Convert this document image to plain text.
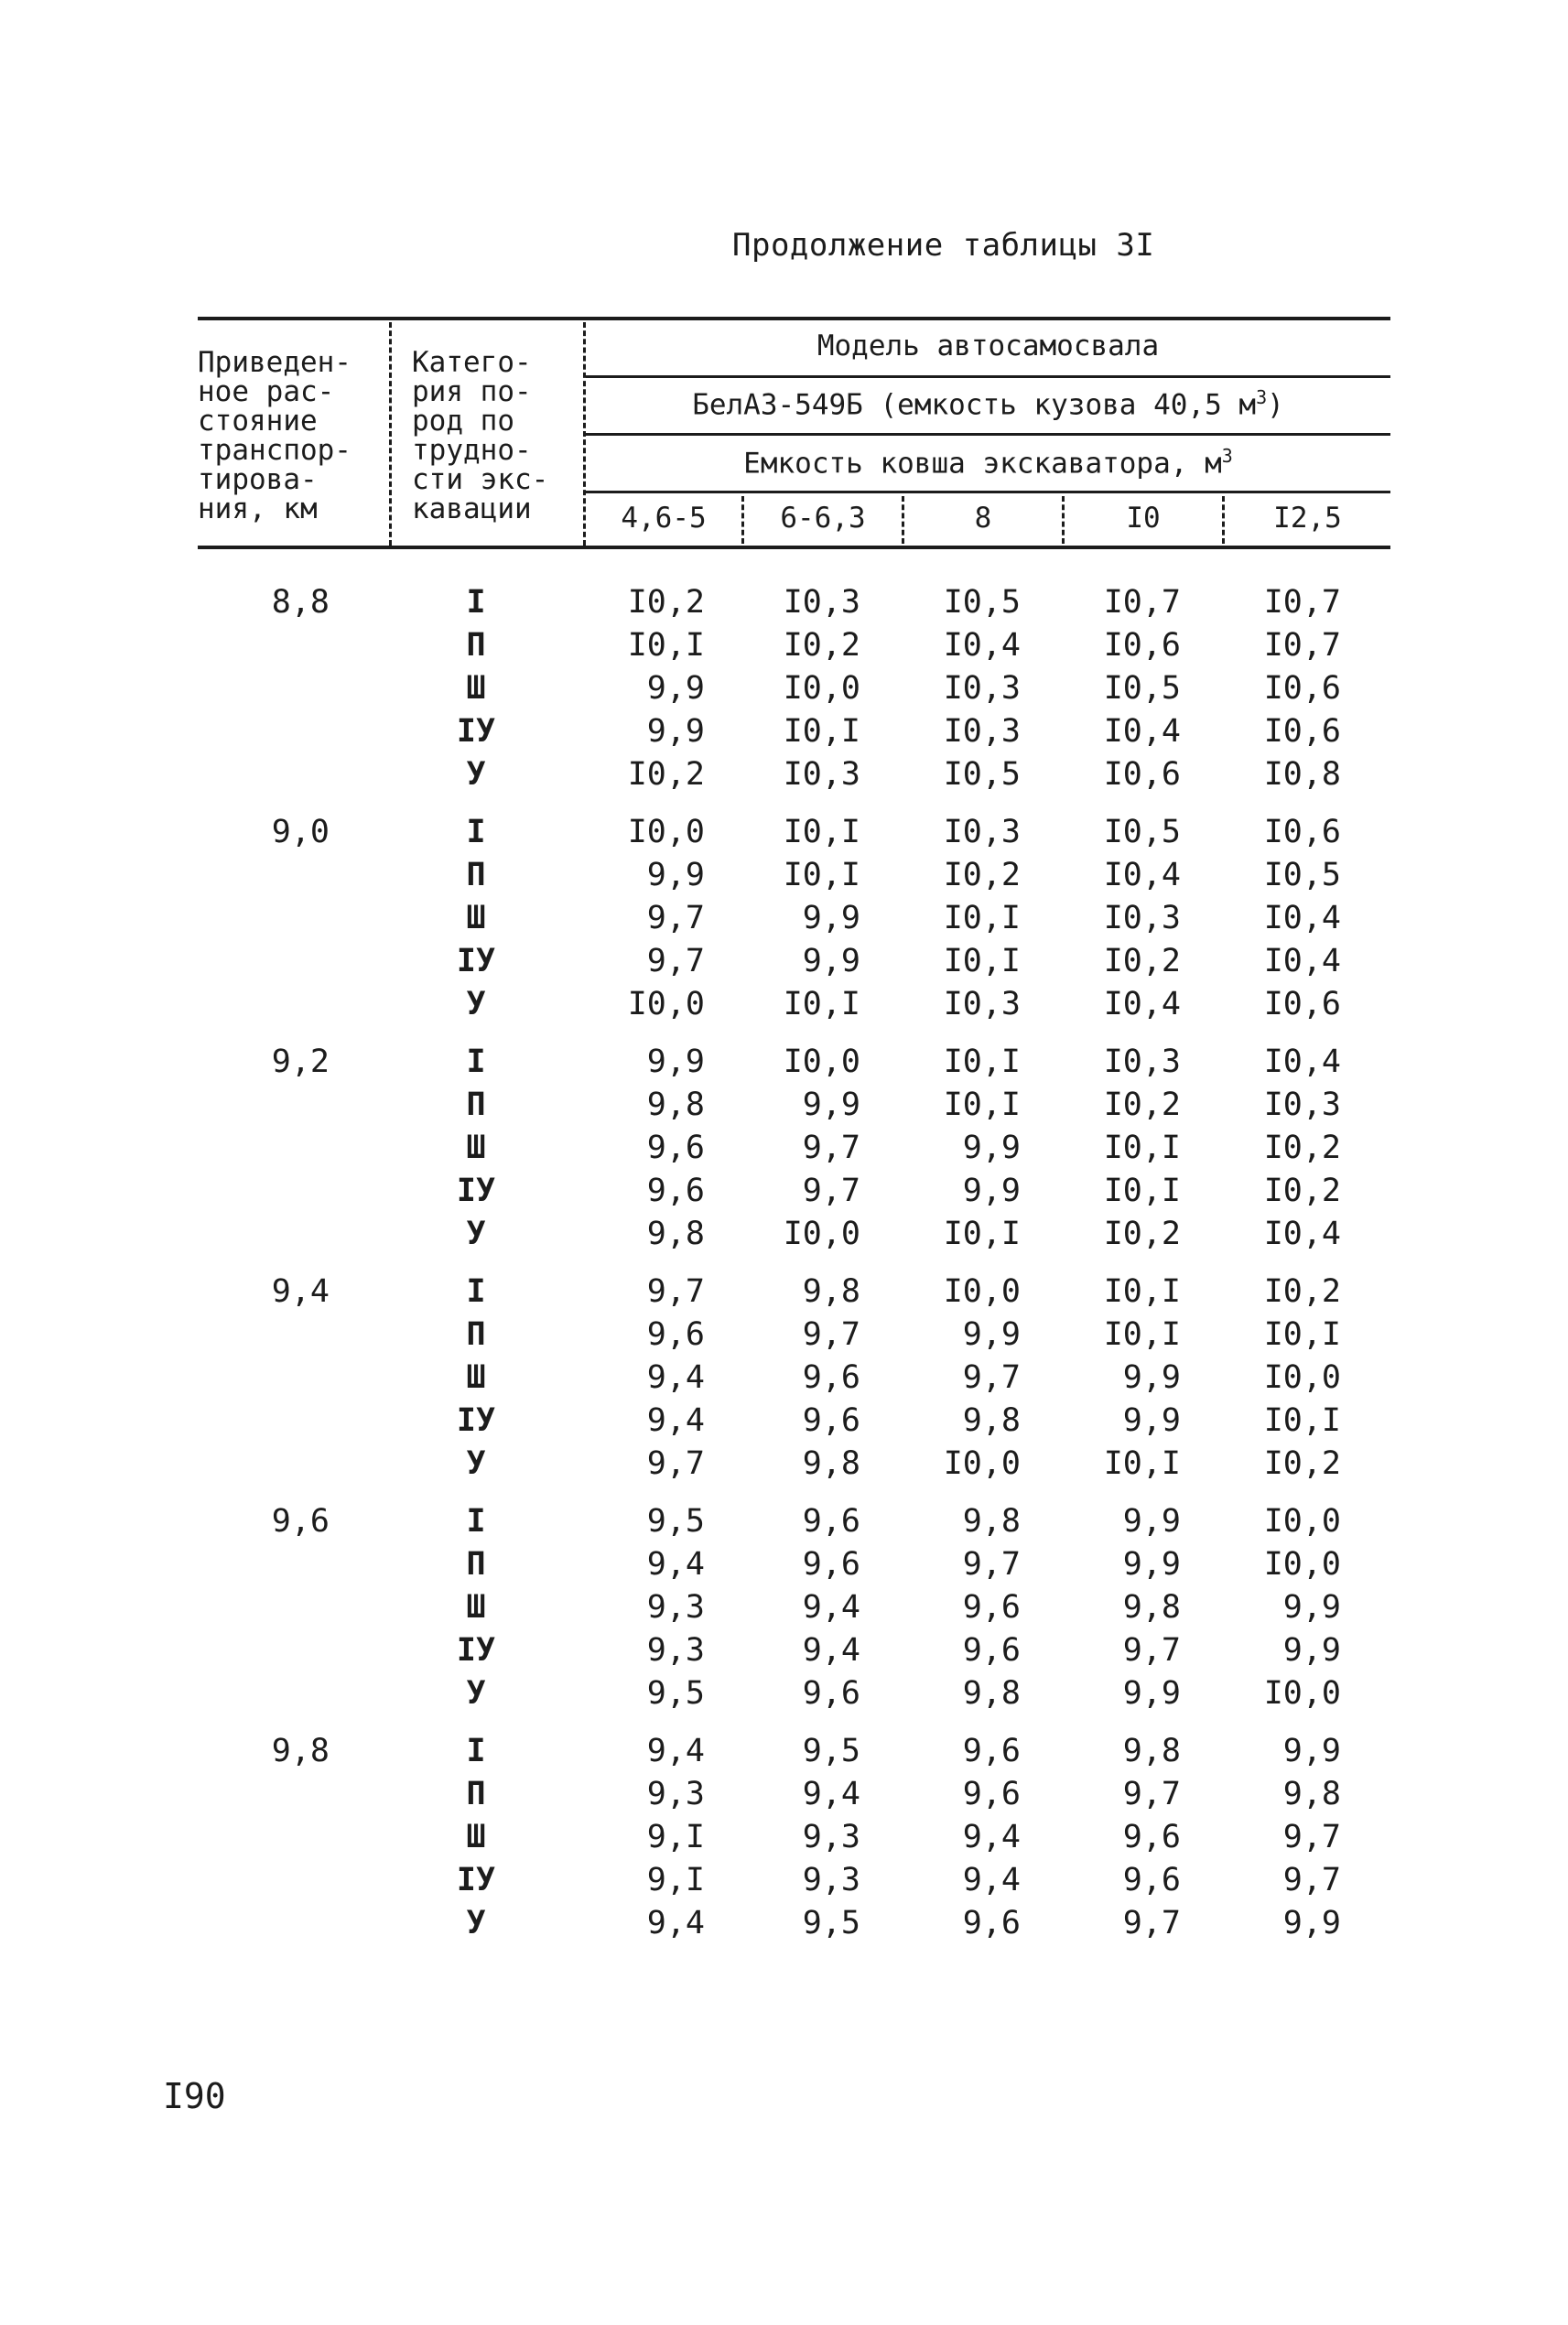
Продолжение таблицы 3I

Приведен-
ное рас-
стояние
транспор-
тирова-
ния, км

Катего-
рия по-
род по
трудно-
сти экс-
кавации

Модель автосамосвала
БелАЗ-549Б (емкость кузова 40,5 $м^3$)
Емкость ковша экскаватора, $м^3$
4,6-5	6-6,3	8	I0	I2,5
8,8	I	I0,2	I0,3	I0,5	I0,7	I0,7
П	I0,I	I0,2	I0,4	I0,6	I0,7
Ш	9,9	I0,0	I0,3	I0,5	I0,6
IУ	9,9	I0,I	I0,3	I0,4	I0,6
У	I0,2	I0,3	I0,5	I0,6	I0,8
9,0	I	I0,0	I0,I	I0,3	I0,5	I0,6
П	9,9	I0,I	I0,2	I0,4	I0,5
Ш	9,7	9,9	I0,I	I0,3	I0,4
IУ	9,7	9,9	I0,I	I0,2	I0,4
У	I0,0	I0,I	I0,3	I0,4	I0,6
9,2	I	9,9	I0,0	I0,I	I0,3	I0,4
П	9,8	9,9	I0,I	I0,2	I0,3
Ш	9,6	9,7	9,9	I0,I	I0,2
IУ	9,6	9,7	9,9	I0,I	I0,2
У	9,8	I0,0	I0,I	I0,2	I0,4
9,4	I	9,7	9,8	I0,0	I0,I	I0,2
П	9,6	9,7	9,9	I0,I	I0,I
Ш	9,4	9,6	9,7	9,9	I0,0
IУ	9,4	9,6	9,8	9,9	I0,I
У	9,7	9,8	I0,0	I0,I	I0,2
9,6	I	9,5	9,6	9,8	9,9	I0,0
П	9,4	9,6	9,7	9,9	I0,0
Ш	9,3	9,4	9,6	9,8	9,9
IУ	9,3	9,4	9,6	9,7	9,9
У	9,5	9,6	9,8	9,9	I0,0
9,8	I	9,4	9,5	9,6	9,8	9,9
П	9,3	9,4	9,6	9,7	9,8
Ш	9,I	9,3	9,4	9,6	9,7
IУ	9,I	9,3	9,4	9,6	9,7
У	9,4	9,5	9,6	9,7	9,9
I90
